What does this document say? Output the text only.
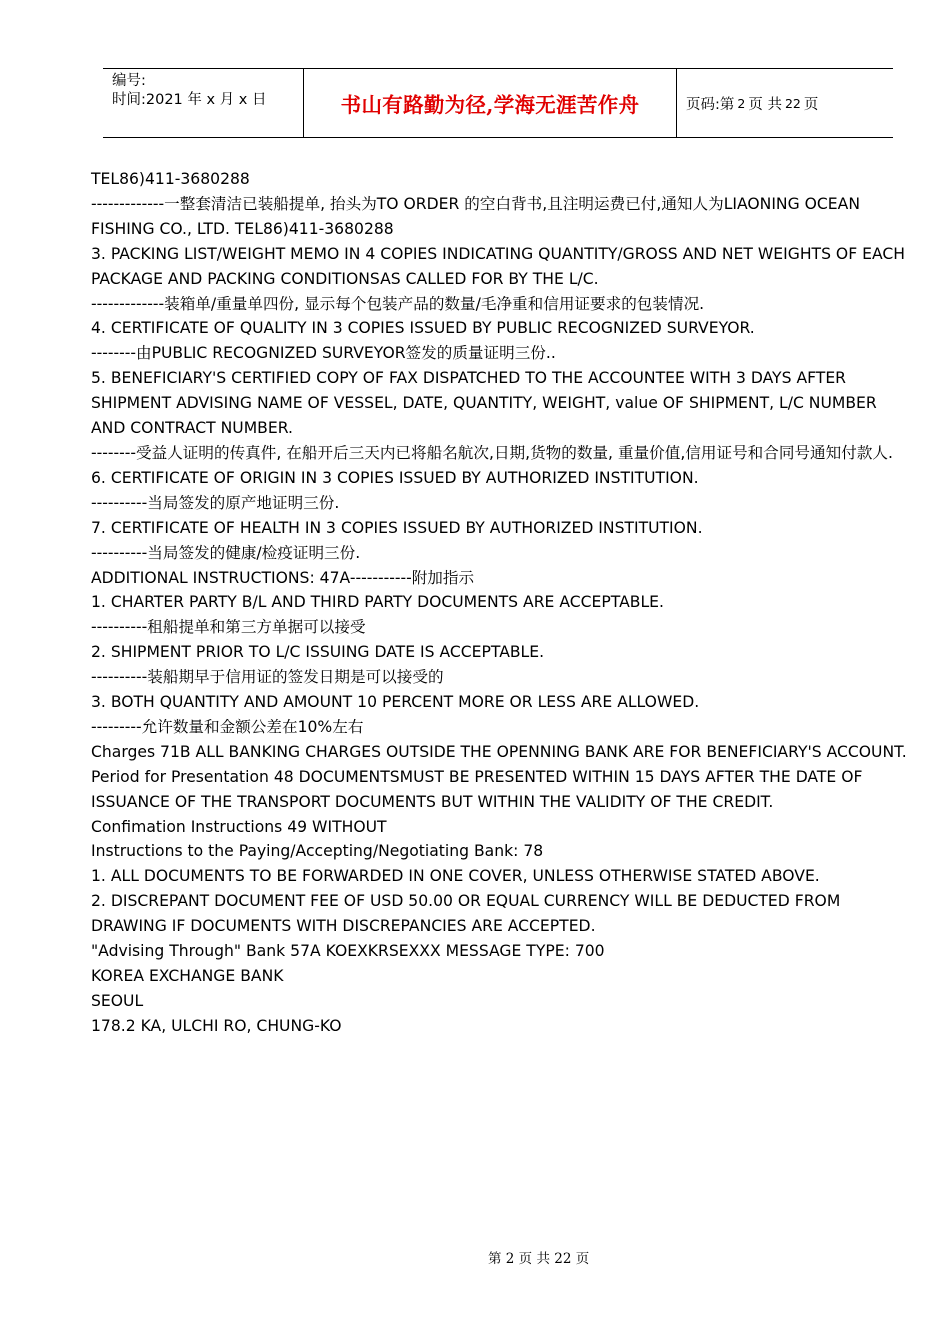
编号:
时间:2021 年 x 月 x 日	书山有路勤为径,学海无涯苦作舟	页码:第 2 页 共 22 页

TEL86)411-3680288

-------------一整套清洁已装船提单, 抬头为TO ORDER 的空白背书,且注明运费已付,通知人为LIAONING OCEAN FISHING CO., LTD. TEL86)411-3680288

3. PACKING LIST/WEIGHT MEMO IN 4 COPIES INDICATING QUANTITY/GROSS AND NET WEIGHTS OF EACH PACKAGE AND PACKING CONDITIONSAS CALLED FOR BY THE L/C.

-------------装箱单/重量单四份, 显示每个包装产品的数量/毛净重和信用证要求的包装情况.

4. CERTIFICATE OF QUALITY IN 3 COPIES ISSUED BY PUBLIC RECOGNIZED SURVEYOR.

--------由PUBLIC RECOGNIZED SURVEYOR签发的质量证明三份..

5. BENEFICIARY'S CERTIFIED COPY OF FAX DISPATCHED TO THE ACCOUNTEE WITH 3 DAYS AFTER SHIPMENT ADVISING NAME OF VESSEL, DATE, QUANTITY, WEIGHT, value OF SHIPMENT, L/C NUMBER AND CONTRACT NUMBER.

--------受益人证明的传真件, 在船开后三天内已将船名航次,日期,货物的数量, 重量价值,信用证号和合同号通知付款人.

6. CERTIFICATE OF ORIGIN IN 3 COPIES ISSUED BY AUTHORIZED INSTITUTION.

----------当局签发的原产地证明三份.

7. CERTIFICATE OF HEALTH IN 3 COPIES ISSUED BY AUTHORIZED INSTITUTION.

----------当局签发的健康/检疫证明三份.

ADDITIONAL INSTRUCTIONS: 47A-----------附加指示

1. CHARTER PARTY B/L AND THIRD PARTY DOCUMENTS ARE ACCEPTABLE.

----------租船提单和第三方单据可以接受

2. SHIPMENT PRIOR TO L/C ISSUING DATE IS ACCEPTABLE.

----------装船期早于信用证的签发日期是可以接受的

3. BOTH QUANTITY AND AMOUNT 10 PERCENT MORE OR LESS ARE ALLOWED.

---------允许数量和金额公差在10%左右

Charges 71B ALL BANKING CHARGES OUTSIDE THE OPENNING BANK ARE FOR BENEFICIARY'S ACCOUNT.

Period for Presentation 48 DOCUMENTSMUST BE PRESENTED WITHIN 15 DAYS AFTER THE DATE OF ISSUANCE OF THE TRANSPORT DOCUMENTS BUT WITHIN THE VALIDITY OF THE CREDIT.

Confimation Instructions 49 WITHOUT

Instructions to the Paying/Accepting/Negotiating Bank: 78

1. ALL DOCUMENTS TO BE FORWARDED IN ONE COVER, UNLESS OTHERWISE STATED ABOVE.

2. DISCREPANT DOCUMENT FEE OF USD 50.00 OR EQUAL CURRENCY WILL BE DEDUCTED FROM DRAWING IF DOCUMENTS WITH DISCREPANCIES ARE ACCEPTED.

"Advising Through" Bank 57A KOEXKRSEXXX MESSAGE TYPE: 700

KOREA EXCHANGE BANK

SEOUL

178.2 KA, ULCHI RO, CHUNG-KO

第 2 页 共 22 页
